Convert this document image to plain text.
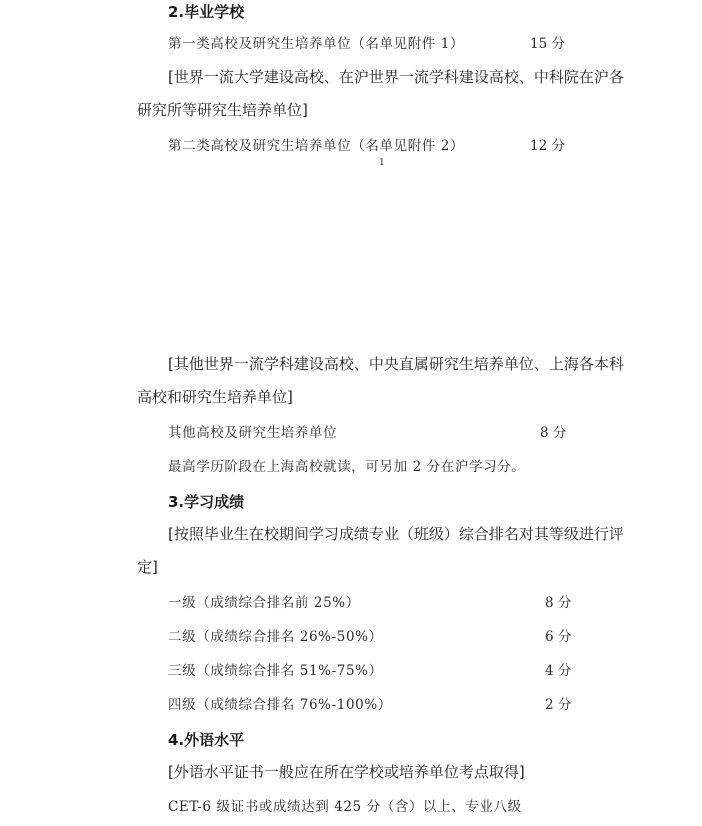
2.毕业学校
第一类高校及研究生培养单位（名单见附件 1）	15 分
[世界一流大学建设高校、在沪世界一流学科建设高校、中科院在沪各
研究所等研究生培养单位]
第二类高校及研究生培养单位（名单见附件 2）	12 分
1
[其他世界一流学科建设高校、中央直属研究生培养单位、上海各本科
高校和研究生培养单位]
其他高校及研究生培养单位	8 分
最高学历阶段在上海高校就读，可另加 2 分在沪学习分。
3.学习成绩
[按照毕业生在校期间学习成绩专业（班级）综合排名对其等级进行评
定]
一级（成绩综合排名前 25%）	8 分
二级（成绩综合排名 26%-50%）	6 分
三级（成绩综合排名 51%-75%）	4 分
四级（成绩综合排名 76%-100%）	2 分
4.外语水平
[外语水平证书一般应在所在学校或培养单位考点取得]
CET-6 级证书或成绩达到 425 分（含）以上、专业八级
